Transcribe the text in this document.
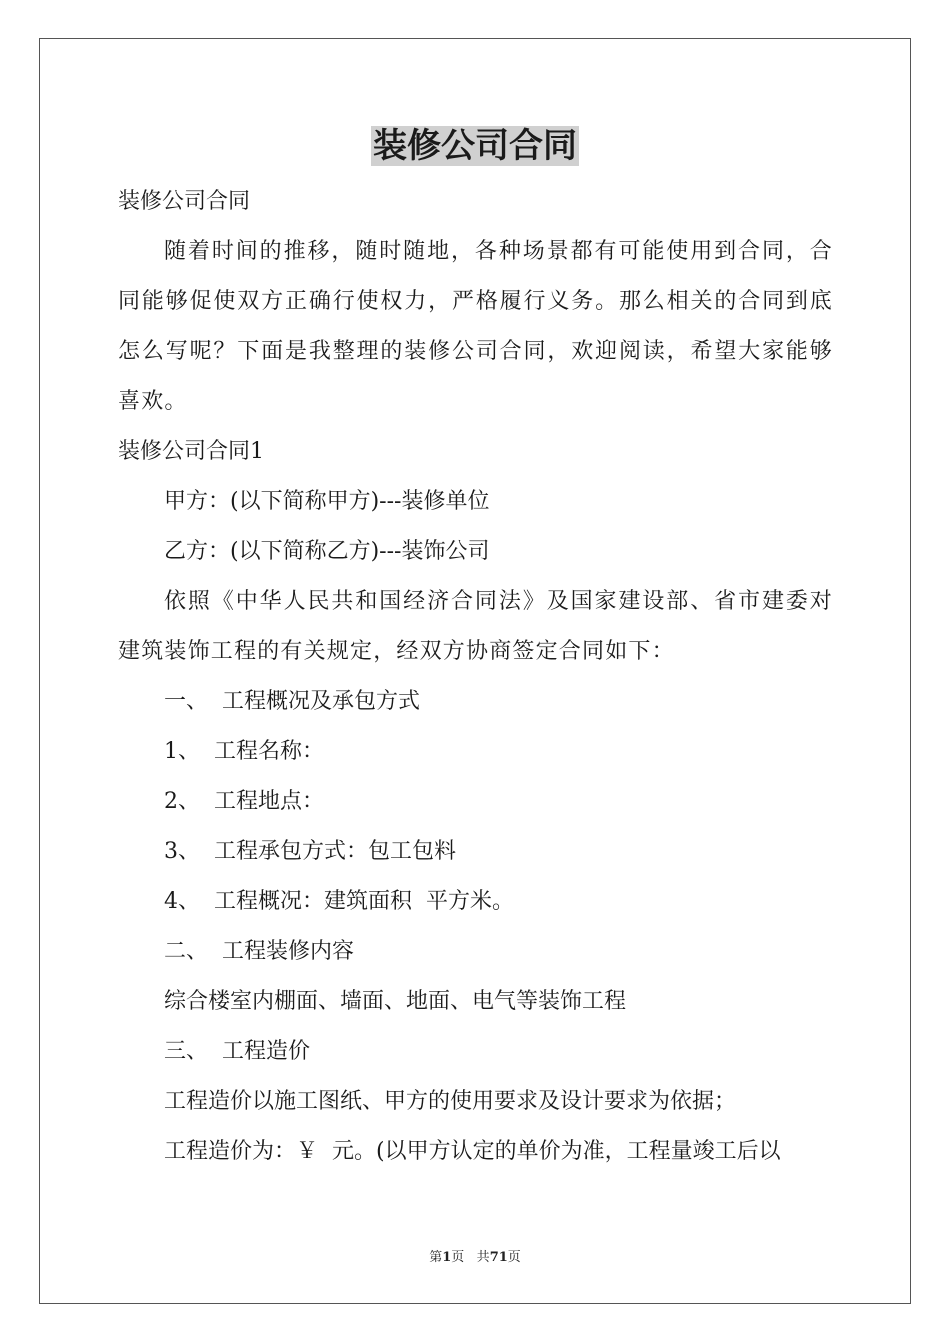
装修公司合同

装修公司合同

随着时间的推移，随时随地，各种场景都有可能使用到合同，合同能够促使双方正确行使权力，严格履行义务。那么相关的合同到底怎么写呢？下面是我整理的装修公司合同，欢迎阅读，希望大家能够喜欢。

装修公司合同1

甲方：(以下简称甲方)---装修单位

乙方：(以下简称乙方)---装饰公司

依照《中华人民共和国经济合同法》及国家建设部、省市建委对建筑装饰工程的有关规定，经双方协商签定合同如下：

一、  工程概况及承包方式

1、  工程名称：

2、  工程地点：

3、  工程承包方式：包工包料

4、  工程概况：建筑面积  平方米。

二、  工程装修内容

综合楼室内棚面、墙面、地面、电气等装饰工程

三、  工程造价

工程造价以施工图纸、甲方的使用要求及设计要求为依据；

工程造价为：￥  元。(以甲方认定的单价为准，工程量竣工后以

第1页 共71页
